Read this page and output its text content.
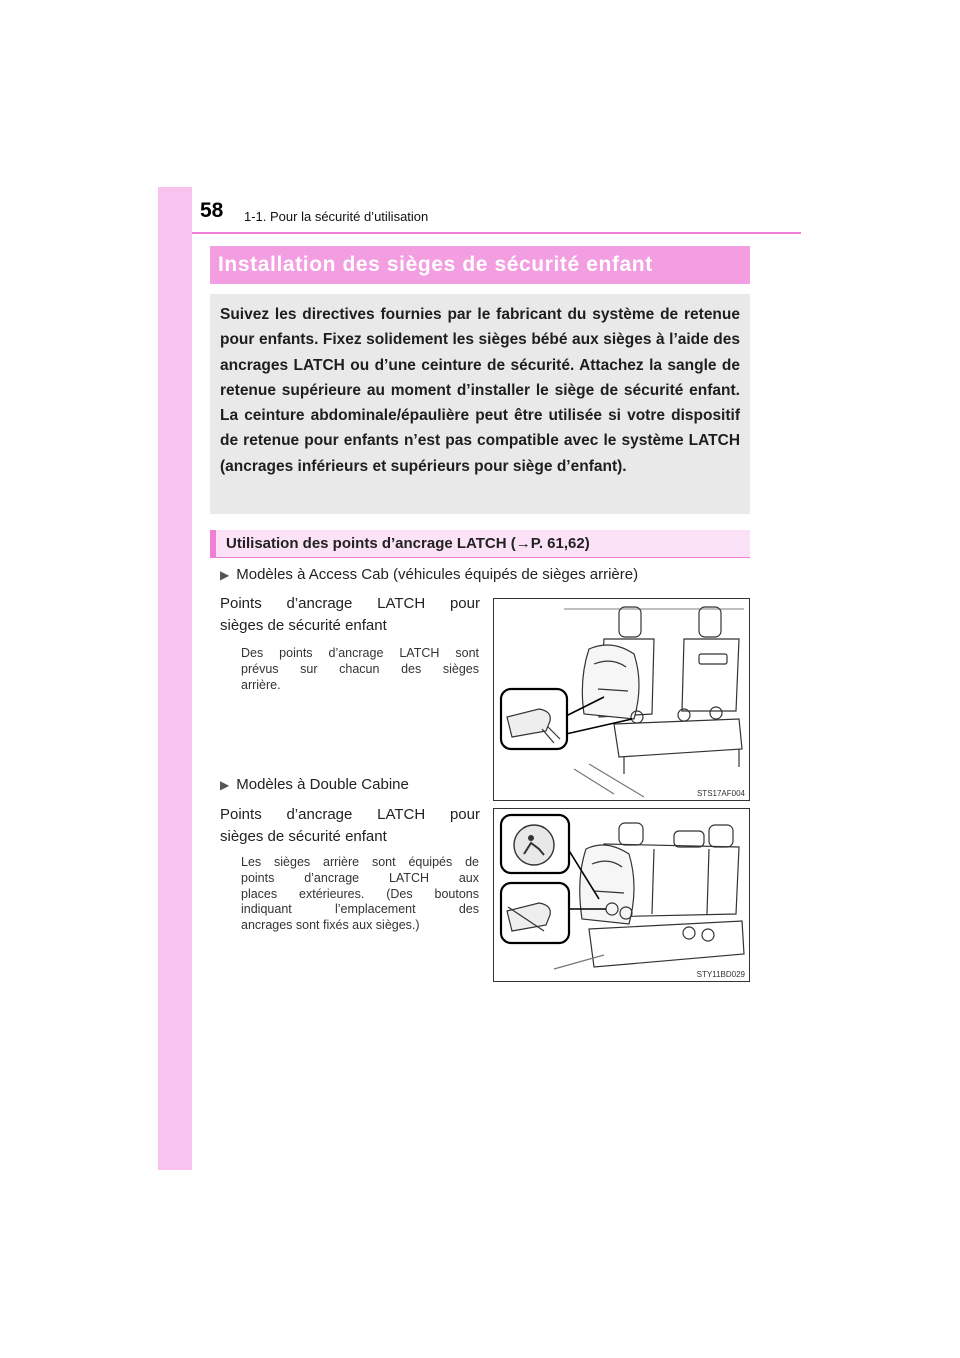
58 1-1. Pour la sécurité d’utilisation
Installation des sièges de sécurité enfant

Suivez les directives fournies par le fabricant du système de retenue pour enfants. Fixez solidement les sièges bébé aux sièges à l’aide des ancrages LATCH ou d’une ceinture de sécurité. Attachez la sangle de retenue supérieure au moment d’installer le siège de sécurité enfant. La ceinture abdominale/épaulière peut être utilisée si votre dispositif de retenue pour enfants n’est pas compatible avec le système LATCH (ancrages inférieurs et supérieurs pour siège d’enfant).

Utilisation des points d’ancrage LATCH (→P. 61,62)
▶ Modèles à Access Cab (véhicules équipés de sièges arrière)
Points d’ancrage LATCH pour
sièges de sécurité enfant
Des points d’ancrage LATCH sont
prévus sur chacun des sièges
arrière.
STS17AF004
▶ Modèles à Double Cabine
Points d’ancrage LATCH pour
sièges de sécurité enfant
Les sièges arrière sont équipés de
points d’ancrage LATCH aux
places extérieures. (Des boutons
indiquant l’emplacement des
ancrages sont fixés aux sièges.)
STY11BD029
